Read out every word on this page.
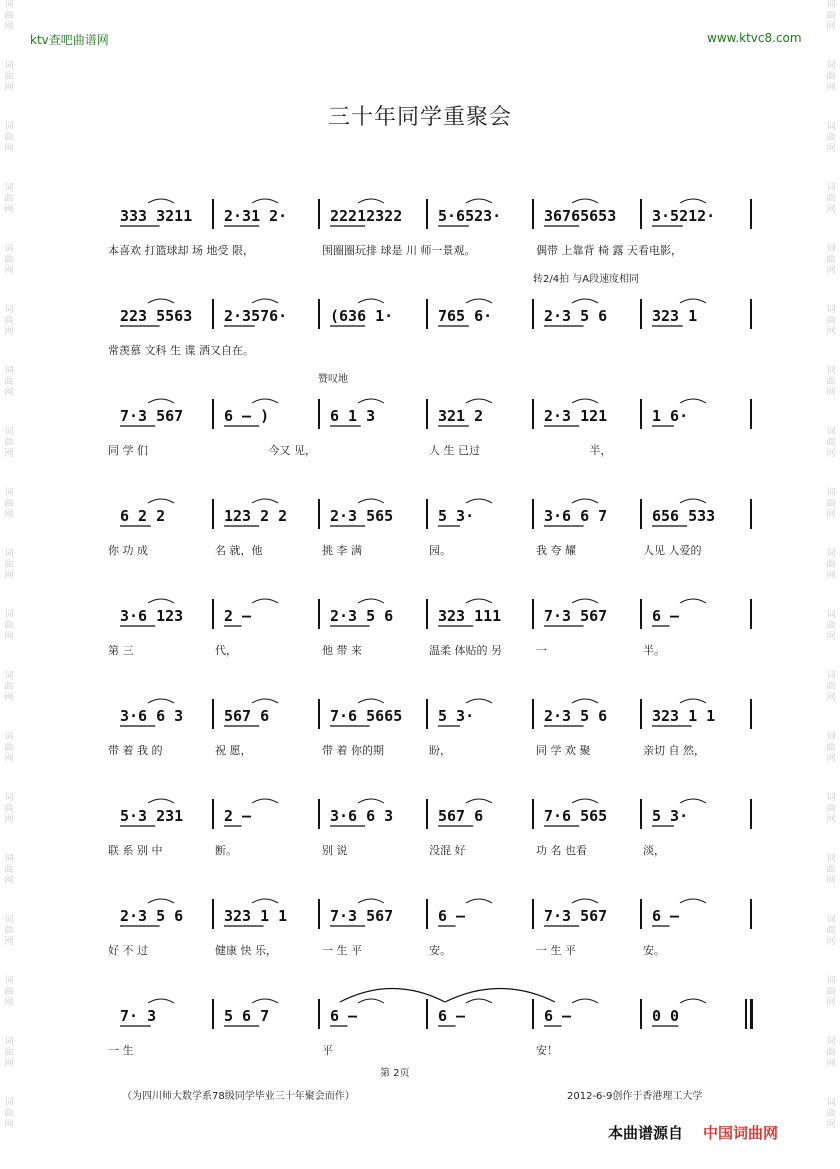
词曲网
词曲网
词曲网
词曲网
词曲网
词曲网
词曲网
词曲网
词曲网
词曲网
词曲网
词曲网
词曲网
词曲网
词曲网
词曲网
词曲网
词曲网
词曲网
词曲网
词曲网
词曲网
词曲网
词曲网
词曲网
词曲网
词曲网
词曲网
词曲网
词曲网
词曲网
词曲网
词曲网
词曲网
词曲网
词曲网
词曲网
词曲网
ktv查吧曲谱网	www.ktvc8.com
三十年同学重聚会
333 3211 2·31 2·	22212322 5·6523·	36765653 3·5212·
本喜欢 打篮球却 场 地受 限，	围圈圈玩排 球是 川 师一景观。	偶带 上靠背 椅 露 天看电影，
转2/4拍 与A段速度相同
223 5563 2·3576·	(636 1·	765 6·	2·3 5 6	323 1
常羡慕 文科 生 谍 洒又自在。
赞叹地
7·3 567	6 – )	6 1 3	321 2	2·3 121	1 6·
同 学 们	今又 见，	人 生 已过	半，
6 2 2	123 2 2	2·3 565	5 3·	3·6 6 7	656 533
你 功 成	名 就，他	挑 李 满	园。	我 夸 耀	人见 人爱的
3·6 123	2 –	2·3 5 6	323 111	7·3 567	6 –
第 三	代，	他 带 来	温柔 体贴的 另	一	半。
3·6 6 3	567 6	7·6 5665 5 3·	2·3 5 6	323 1 1
带 着 我 的	祝 愿，	带 着 你的期	盼，	同 学 欢 聚	亲切 自 然，
5·3 231	2 –	3·6 6 3	567 6	7·6 565	5 3·
联 系 别 中	断。	别 说	没混 好	功 名 也看	淡，
2·3 5 6	323 1 1	7·3 567	6 –	7·3 567	6 –
好 不 过	健康 快 乐，	一 生 平	安。	一 生 平	安。
7· 3	5 6 7	6 –	6 –	6 –	0 0
一 生	平	安！
第 2页
（为四川师大数学系78级同学毕业三十年聚会而作）	2012-6-9创作于香港理工大学
本曲谱源自 中国词曲网
